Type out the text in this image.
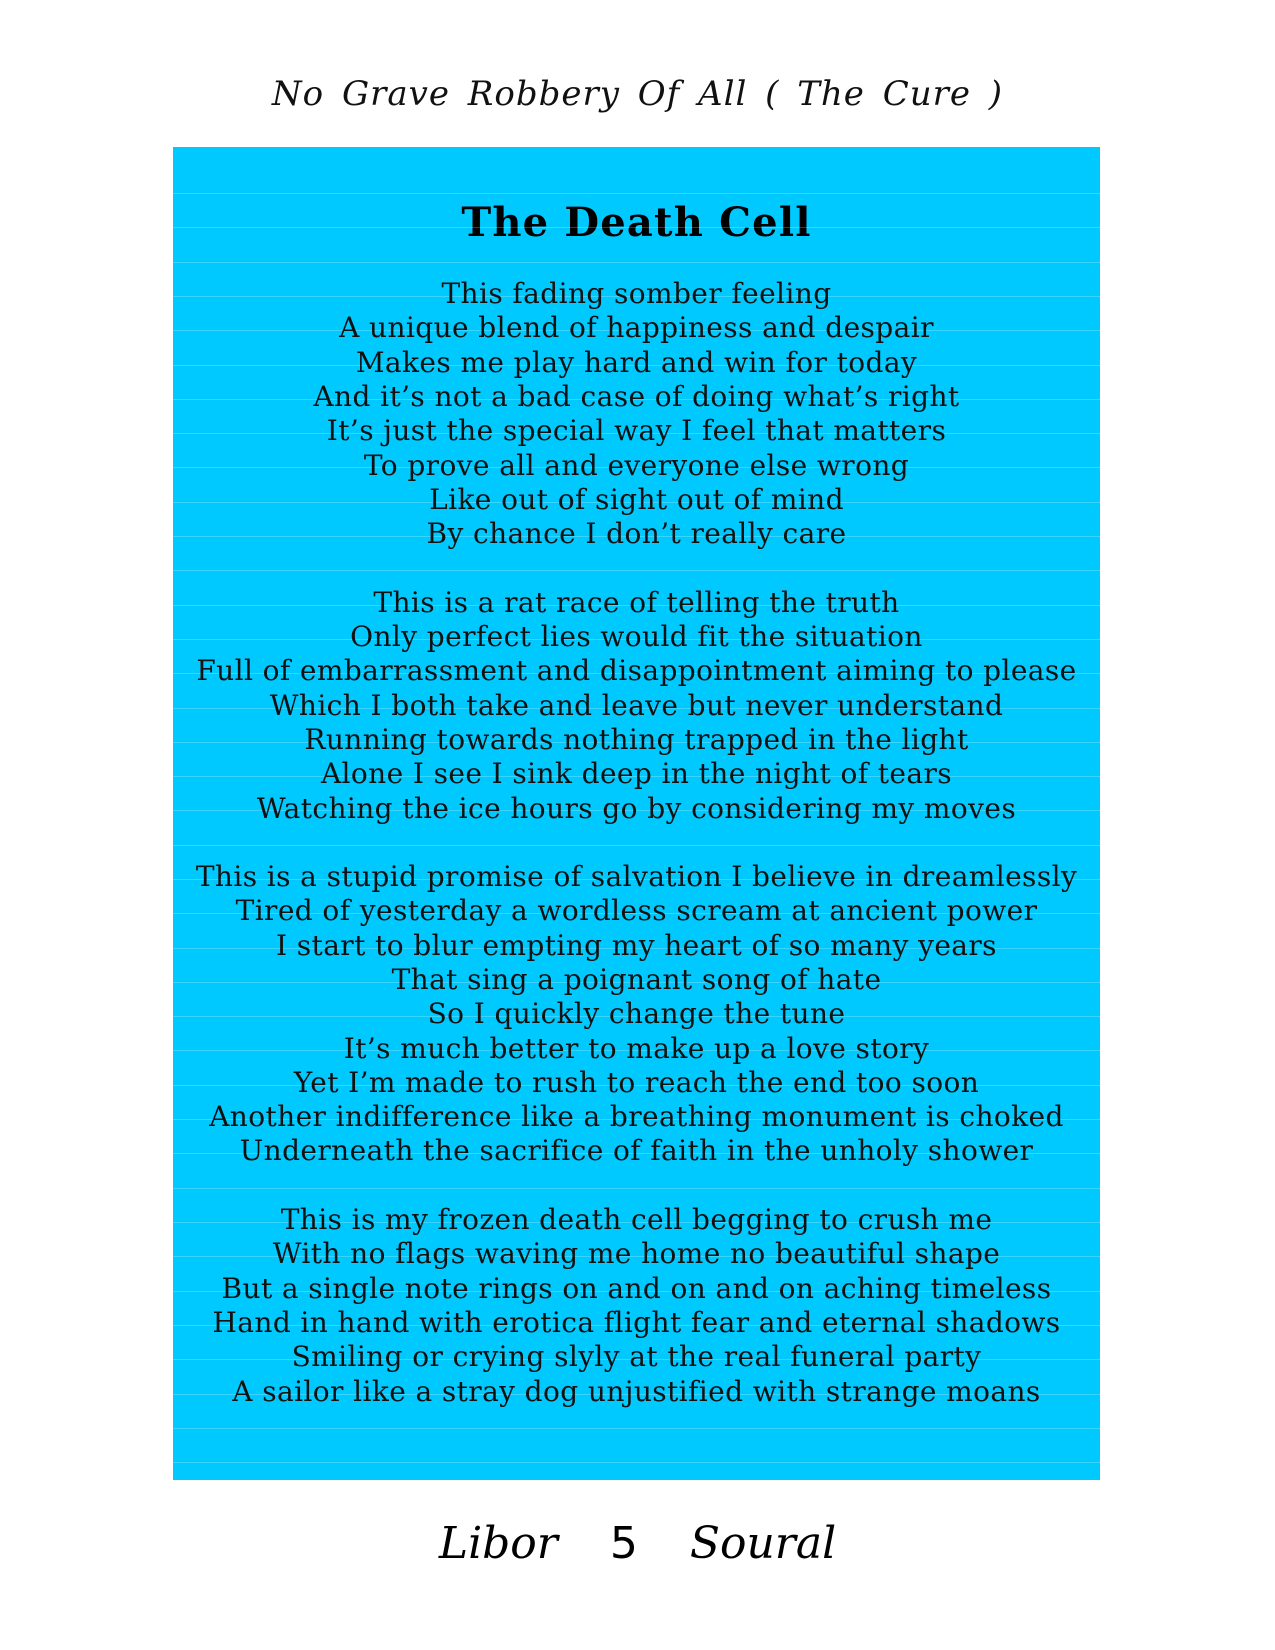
No Grave Robbery Of All ( The Cure )
The Death Cell
This fading somber feeling
A unique blend of happiness and despair
Makes me play hard and win for today
And it’s not a bad case of doing what’s right
It’s just the special way I feel that matters
To prove all and everyone else wrong
Like out of sight out of mind
By chance I don’t really care
This is a rat race of telling the truth
Only perfect lies would fit the situation
Full of embarrassment and disappointment aiming to please
Which I both take and leave but never understand
Running towards nothing trapped in the light
Alone I see I sink deep in the night of tears
Watching the ice hours go by considering my moves
This is a stupid promise of salvation I believe in dreamlessly
Tired of yesterday a wordless scream at ancient power
I start to blur empting my heart of so many years
That sing a poignant song of hate
So I quickly change the tune
It’s much better to make up a love story
Yet I’m made to rush to reach the end too soon
Another indifference like a breathing monument is choked
Underneath the sacrifice of faith in the unholy shower
This is my frozen death cell begging to crush me
With no flags waving me home no beautiful shape
But a single note rings on and on and on aching timeless
Hand in hand with erotica flight fear and eternal shadows
Smiling or crying slyly at the real funeral party
A sailor like a stray dog unjustified with strange moans
Libor 5 Soural
